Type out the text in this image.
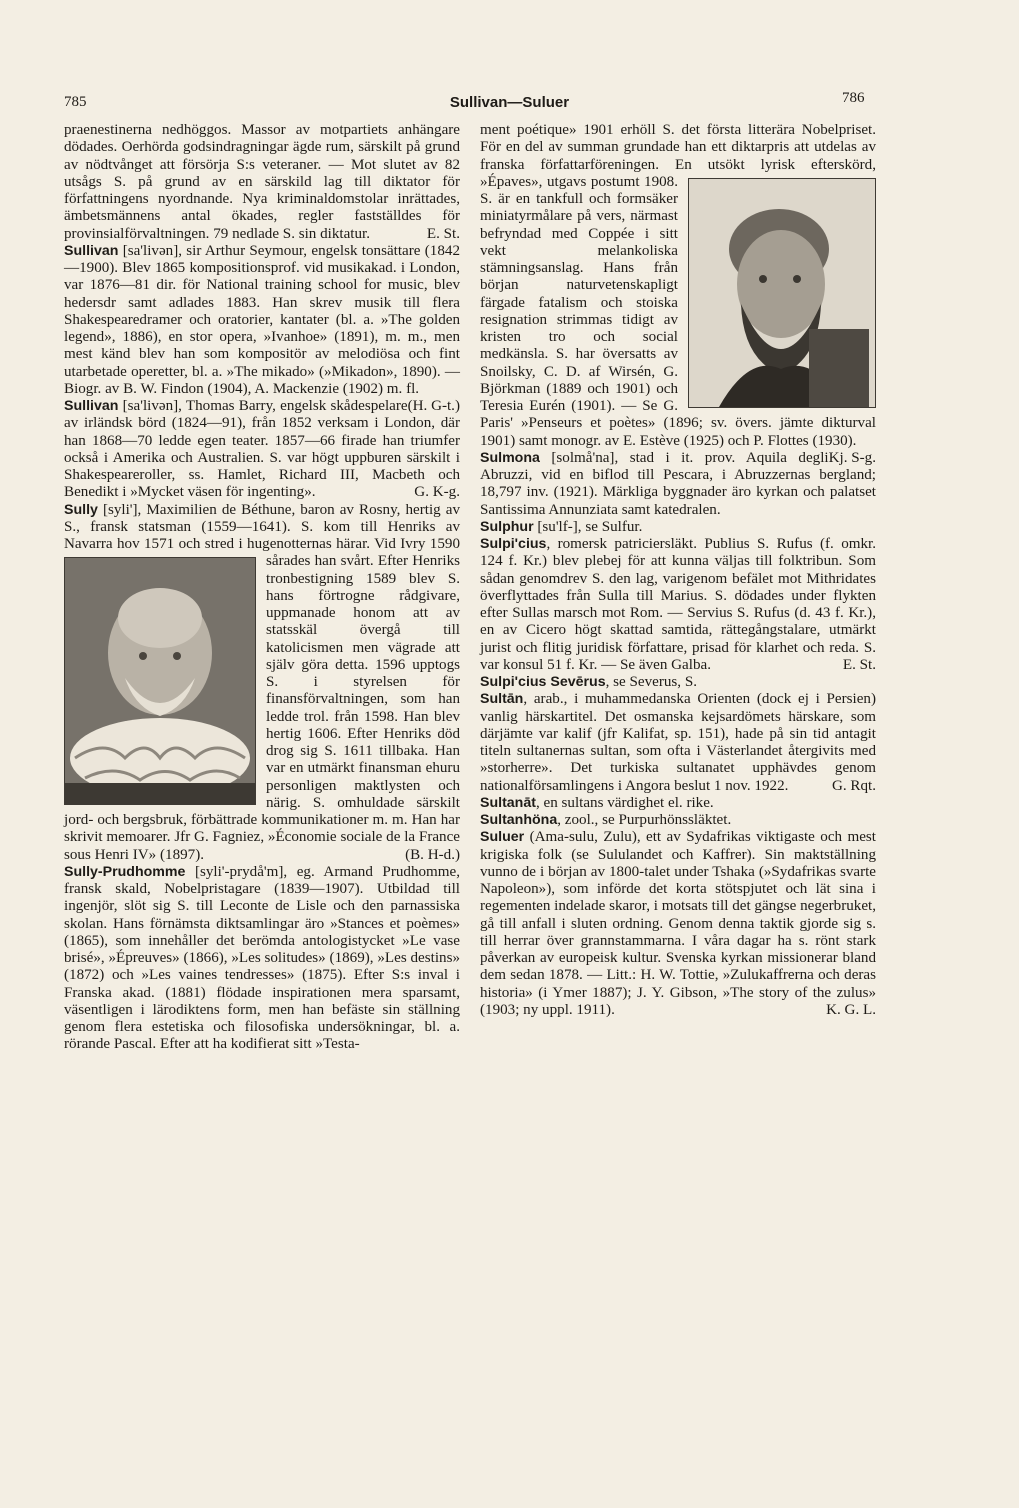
785	Sullivan—Suluer	786

praenestinerna nedhöggos. Massor av motpartiets anhängare dödades. Oerhörda godsindragningar ägde rum, särskilt på grund av nödtvånget att försörja S:s veteraner. — Mot slutet av 82 utsågs S. på grund av en särskild lag till diktator för författningens nyordnande. Nya kriminaldomstolar inrättades, ämbetsmännens antal ökades, regler fastställdes för provinsialförvaltningen. 79 nedlade S. sin diktatur.	E. St.

Sullivan [sa'livən], sir Arthur Seymour, engelsk tonsättare (1842—1900). Blev 1865 kompositionsprof. vid musikakad. i London, var 1876—81 dir. för National training school for music, blev hedersdr samt adlades 1883. Han skrev musik till flera Shakespearedramer och oratorier, kantater (bl. a. »The golden legend», 1886), en stor opera, »Ivanhoe» (1891), m. m., men mest känd blev han som kompositör av melodiösa och fint utarbetade operetter, bl. a. »The mikado» (»Mikadon», 1890). — Biogr. av B. W. Findon (1904), A. Mackenzie (1902) m. fl.
(H. G-t.)

Sullivan [sa'livən], Thomas Barry, engelsk skådespelare av irländsk börd (1824—91), från 1852 verksam i London, där han 1868—70 ledde egen teater. 1857—66 firade han triumfer också i Amerika och Australien. S. var högt uppburen särskilt i Shakespeareroller, ss. Hamlet, Richard III, Macbeth och Benedikt i »Mycket väsen för ingenting».	G. K-g.

Sully [syli'], Maximilien de Béthune, baron av Rosny, hertig av S., fransk statsman (1559—1641). S. kom till Henriks av Navarra hov 1571 och stred i hugenotternas härar. Vid Ivry 1590 sårades han svårt. Efter Henriks tronbestigning 1589 blev S. hans förtrogne rådgivare, uppmanade honom att av statsskäl övergå till katolicismen men vägrade att själv göra detta. 1596 upptogs S. i styrelsen för finansförvaltningen, som han ledde trol. från 1598. Han blev hertig 1606. Efter Henriks död drog sig S. 1611 tillbaka. Han var en utmärkt finansman ehuru personligen maktlysten och närig. S. omhuldade särskilt jord- och bergsbruk, förbättrade kommunikationer m. m. Han har skrivit memoarer. Jfr G. Fagniez, »Économie sociale de la France sous Henri IV» (1897).	(B. H-d.)

Sully-Prudhomme [syli'-prydå'm], eg. Armand Prudhomme, fransk skald, Nobelpristagare (1839—1907). Utbildad till ingenjör, slöt sig S. till Leconte de Lisle och den parnassiska skolan. Hans förnämsta diktsamlingar äro »Stances et poèmes» (1865), som innehåller det berömda antologistycket »Le vase brisé», »Épreuves» (1866), »Les solitudes» (1869), »Les destins» (1872) och »Les vaines tendresses» (1875). Efter S:s inval i Franska akad. (1881) flödade inspirationen mera sparsamt, väsentligen i lärodiktens form, men han befäste sin ställning genom flera estetiska och filosofiska undersökningar, bl. a. rörande Pascal. Efter att ha kodifierat sitt »Testa-

ment poétique» 1901 erhöll S. det första litterära Nobelpriset. För en del av summan grundade han ett diktarpris att utdelas av franska författarföreningen. En utsökt lyrisk efterskörd, »Épaves», utgavs postumt 1908. S. är en tankfull och formsäker miniatyrmålare på vers, närmast befryndad med Coppée i sitt vekt melankoliska stämningsanslag. Hans från början naturvetenskapligt färgade fatalism och stoiska resignation strimmas tidigt av kristen tro och social medkänsla. S. har översatts av Snoilsky, C. D. af Wirsén, G. Björkman (1889 och 1901) och Teresia Eurén (1901). — Se G. Paris' »Penseurs et poètes» (1896; sv. övers. jämte dikturval 1901) samt monogr. av E. Estève (1925) och P. Flottes (1930).
Kj. S-g.

Sulmona [solmå'na], stad i it. prov. Aquila degli Abruzzi, vid en biflod till Pescara, i Abruzzernas bergland; 18,797 inv. (1921). Märkliga byggnader äro kyrkan och palatset Santissima Annunziata samt katedralen.

Sulphur [su'lf-], se Sulfur.

Sulpi'cius, romersk patriciersläkt. Publius S. Rufus (f. omkr. 124 f. Kr.) blev plebej för att kunna väljas till folktribun. Som sådan genomdrev S. den lag, varigenom befälet mot Mithridates överflyttades från Sulla till Marius. S. dödades under flykten efter Sullas marsch mot Rom. — Servius S. Rufus (d. 43 f. Kr.), en av Cicero högt skattad samtida, rättegångstalare, utmärkt jurist och flitig juridisk författare, prisad för klarhet och reda. S. var konsul 51 f. Kr. — Se även Galba.	E. St.

Sulpi'cius Sevērus, se Severus, S.

Sultān, arab., i muhammedanska Orienten (dock ej i Persien) vanlig härskartitel. Det osmanska kejsardömets härskare, som därjämte var kalif (jfr Kalifat, sp. 151), hade på sin tid antagit titeln sultanernas sultan, som ofta i Västerlandet återgivits med »storherre». Det turkiska sultanatet upphävdes genom nationalförsamlingens i Angora beslut 1 nov. 1922.	G. Rqt.

Sultanāt, en sultans värdighet el. rike.

Sultanhöna, zool., se Purpurhönssläktet.

Suluer (Ama-sulu, Zulu), ett av Sydafrikas viktigaste och mest krigiska folk (se Sululandet och Kaffrer). Sin maktställning vunno de i början av 1800-talet under Tshaka (»Sydafrikas svarte Napoleon»), som införde det korta stötspjutet och lät sina i regementen indelade skaror, i motsats till det gängse negerbruket, gå till anfall i sluten ordning. Genom denna taktik gjorde sig s. till herrar över grannstammarna. I våra dagar ha s. rönt stark påverkan av europeisk kultur. Svenska kyrkan missionerar bland dem sedan 1878. — Litt.: H. W. Tottie, »Zulukaffrerna och deras historia» (i Ymer 1887); J. Y. Gibson, »The story of the zulus» (1903; ny uppl. 1911).	K. G. L.
